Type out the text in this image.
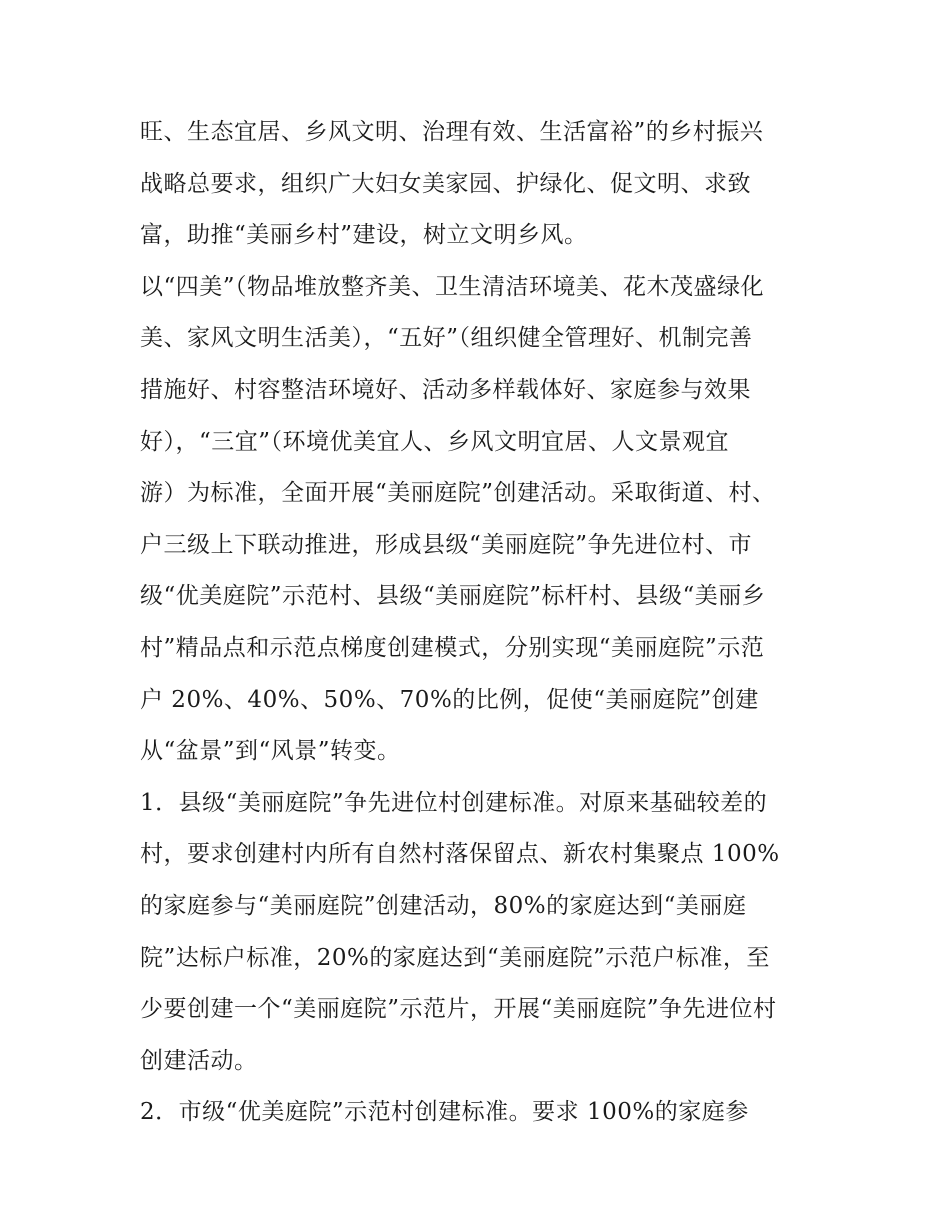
旺、生态宜居、乡风文明、治理有效、生活富裕”的乡村振兴
战略总要求，组织广大妇女美家园、护绿化、促文明、求致
富，助推“美丽乡村”建设，树立文明乡风。
以“四美”（物品堆放整齐美、卫生清洁环境美、花木茂盛绿化
美、家风文明生活美），“五好”（组织健全管理好、机制完善
措施好、村容整洁环境好、活动多样载体好、家庭参与效果
好），“三宜”（环境优美宜人、乡风文明宜居、人文景观宜
游）为标准，全面开展“美丽庭院”创建活动。采取街道、村、
户三级上下联动推进，形成县级“美丽庭院”争先进位村、市
级“优美庭院”示范村、县级“美丽庭院”标杆村、县级“美丽乡
村”精品点和示范点梯度创建模式，分别实现“美丽庭院”示范
户 20%、40%、50%、70%的比例，促使“美丽庭院”创建
从“盆景”到“风景”转变。
1．县级“美丽庭院”争先进位村创建标准。对原来基础较差的
村，要求创建村内所有自然村落保留点、新农村集聚点 100%
的家庭参与“美丽庭院”创建活动，80%的家庭达到“美丽庭
院”达标户标准，20%的家庭达到“美丽庭院”示范户标准，至
少要创建一个“美丽庭院”示范片，开展“美丽庭院”争先进位村
创建活动。
2．市级“优美庭院”示范村创建标准。要求 100%的家庭参
